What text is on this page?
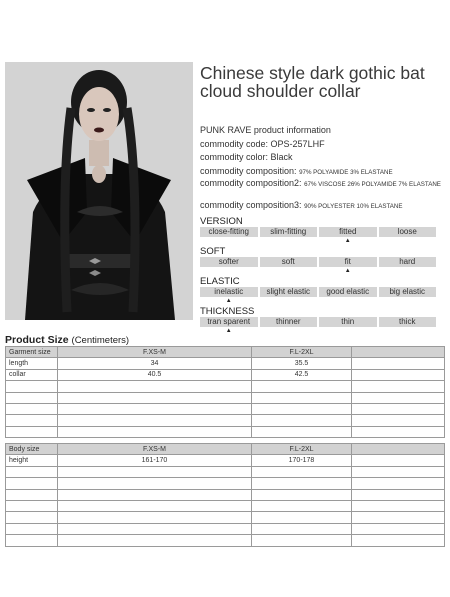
Chinese style dark gothic bat cloud shoulder collar
PUNK RAVE product information
commodity code: OPS-257LHF
commodity color: Black
commodity composition: 97% POLYAMIDE 3% ELASTANE
commodity composition2: 67% VISCOSE 26% POLYAMIDE 7% ELASTANE
commodity composition3: 90% POLYESTER 10% ELASTANE
VERSION
close-fitting	slim-fitting	fitted	loose
▲
SOFT
softer	soft	fit	hard
▲
ELASTIC
inelastic	slight elastic	good elastic	big elastic
▲
THICKNESS
tran sparent	thinner	thin	thick
▲
Product Size (Centimeters)
Garment size	F.XS-M	F.L-2XL	
length	34	35.5	
collar	40.5	42.5	

Body size	F.XS-M	F.L-2XL	
height	161-170	170-178	
